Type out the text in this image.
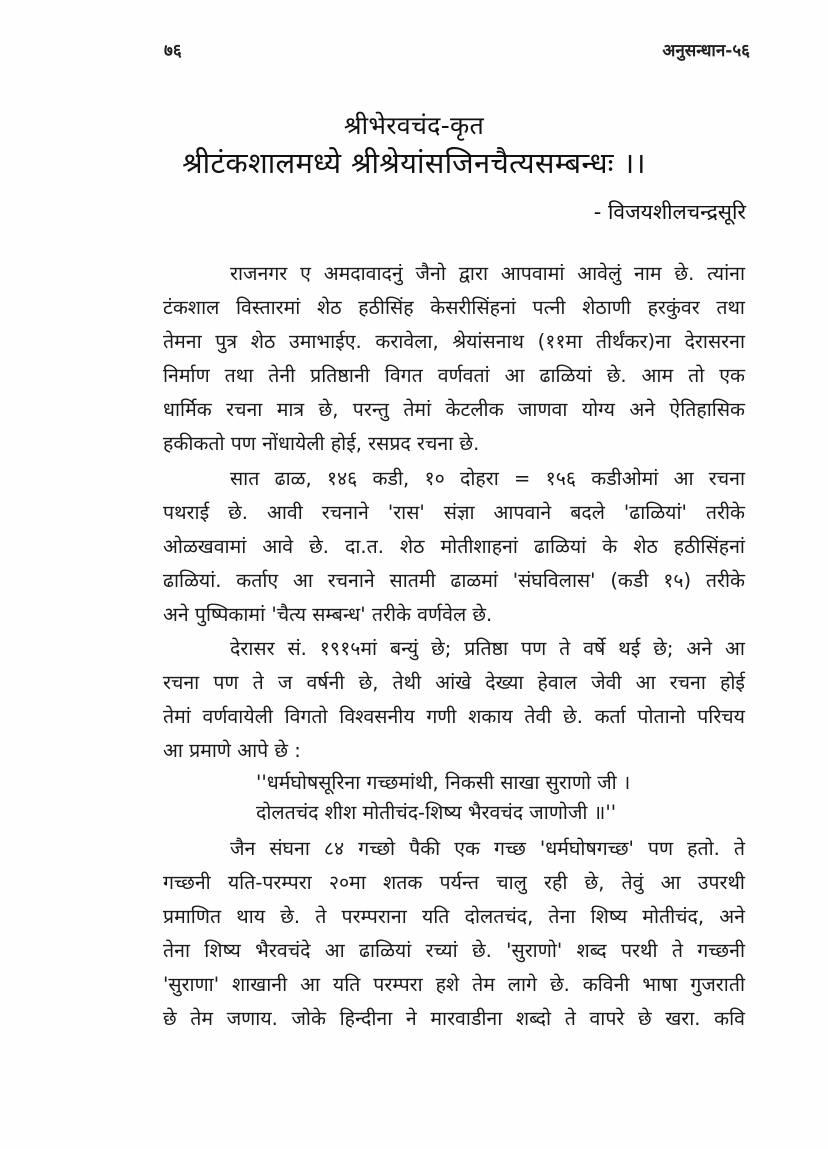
७६	अनुसन्धान-५६
श्रीभेरवचंद-कृत
श्रीटंकशालमध्ये श्रीश्रेयांसजिनचैत्यसम्बन्धः ।।
- विजयशीलचन्द्रसूरि
राजनगर ए अमदावादनुं जैनो द्वारा आपवामां आवेलुं नाम छे. त्यांना
टंकशाल विस्तारमां शेठ हठीसिंह केसरीसिंहनां पत्नी शेठाणी हरकुंवर तथा
तेमना पुत्र शेठ उमाभाईए. करावेला, श्रेयांसनाथ (११मा तीर्थंकर)ना देरासरना
निर्माण तथा तेनी प्रतिष्ठानी विगत वर्णवतां आ ढाळियां छे. आम तो एक
धार्मिक रचना मात्र छे, परन्तु तेमां केटलीक जाणवा योग्य अने ऐतिहासिक
हकीकतो पण नोंधायेली होई, रसप्रद रचना छे.
सात ढाळ, १४६ कडी, १० दोहरा = १५६ कडीओमां आ रचना
पथराई छे. आवी रचनाने 'रास' संज्ञा आपवाने बदले 'ढाळियां' तरीके
ओळखवामां आवे छे. दा.त. शेठ मोतीशाहनां ढाळियां के शेठ हठीसिंहनां
ढाळियां. कर्ताए आ रचनाने सातमी ढाळमां 'संघविलास' (कडी १५) तरीके
अने पुष्पिकामां 'चैत्य सम्बन्ध' तरीके वर्णवेल छे.
देरासर सं. १९१५मां बन्युं छे; प्रतिष्ठा पण ते वर्षे थई छे; अने आ
रचना पण ते ज वर्षनी छे, तेथी आंखे देख्या हेवाल जेवी आ रचना होई
तेमां वर्णवायेली विगतो विश्वसनीय गणी शकाय तेवी छे. कर्ता पोतानो परिचय
आ प्रमाणे आपे छे :
''धर्मघोषसूरिना गच्छमांथी, निकसी साखा सुराणो जी ।
दोलतचंद शीश मोतीचंद-शिष्य भैरवचंद जाणोजी ॥''
जैन संघना ८४ गच्छो पैकी एक गच्छ 'धर्मघोषगच्छ' पण हतो. ते
गच्छनी यति-परम्परा २०मा शतक पर्यन्त चालु रही छे, तेवुं आ उपरथी
प्रमाणित थाय छे. ते परम्पराना यति दोलतचंद, तेना शिष्य मोतीचंद, अने
तेना शिष्य भैरवचंदे आ ढाळियां रच्यां छे. 'सुराणो' शब्द परथी ते गच्छनी
'सुराणा' शाखानी आ यति परम्परा हशे तेम लागे छे. कविनी भाषा गुजराती
छे तेम जणाय. जोके हिन्दीना ने मारवाडीना शब्दो ते वापरे छे खरा. कवि
